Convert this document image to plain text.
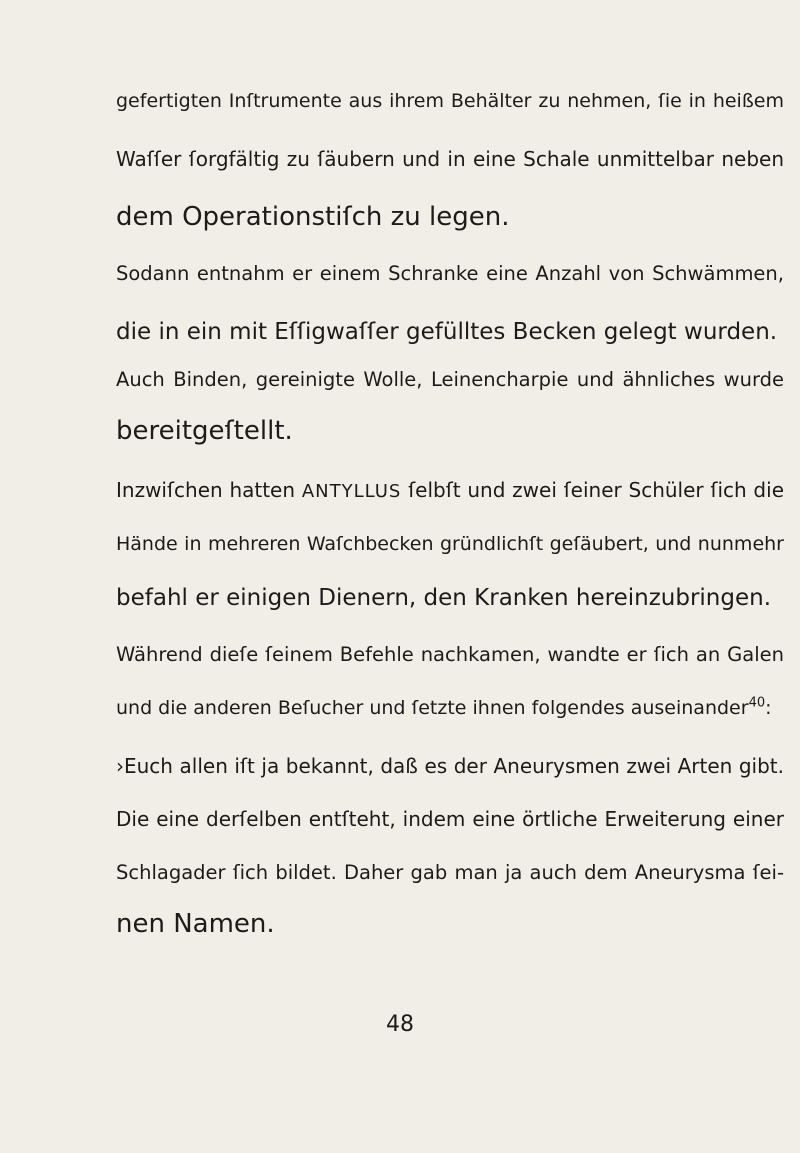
gefertigten Inſtrumente aus ihrem Behälter zu nehmen, ſie in heißem
Waſſer ſorgfältig zu ſäubern und in eine Schale unmittelbar neben
dem Operationstiſch zu legen.
Sodann entnahm er einem Schranke eine Anzahl von Schwämmen,
die in ein mit Eſſigwaſſer gefülltes Becken gelegt wurden.
Auch Binden, gereinigte Wolle, Leinencharpie und ähnliches wurde
bereitgeſtellt.
Inzwiſchen hatten ANTYLLUS ſelbſt und zwei ſeiner Schüler ſich die
Hände in mehreren Waſchbecken gründlichſt geſäubert, und nunmehr
befahl er einigen Dienern, den Kranken hereinzubringen.
Während dieſe ſeinem Befehle nachkamen, wandte er ſich an Galen
und die anderen Beſucher und ſetzte ihnen folgendes auseinander$^{40}$:
›Euch allen iſt ja bekannt, daß es der Aneurysmen zwei Arten gibt.
Die eine derſelben entſteht, indem eine örtliche Erweiterung einer
Schlagader ſich bildet. Daher gab man ja auch dem Aneurysma ſei-
nen Namen.
48
